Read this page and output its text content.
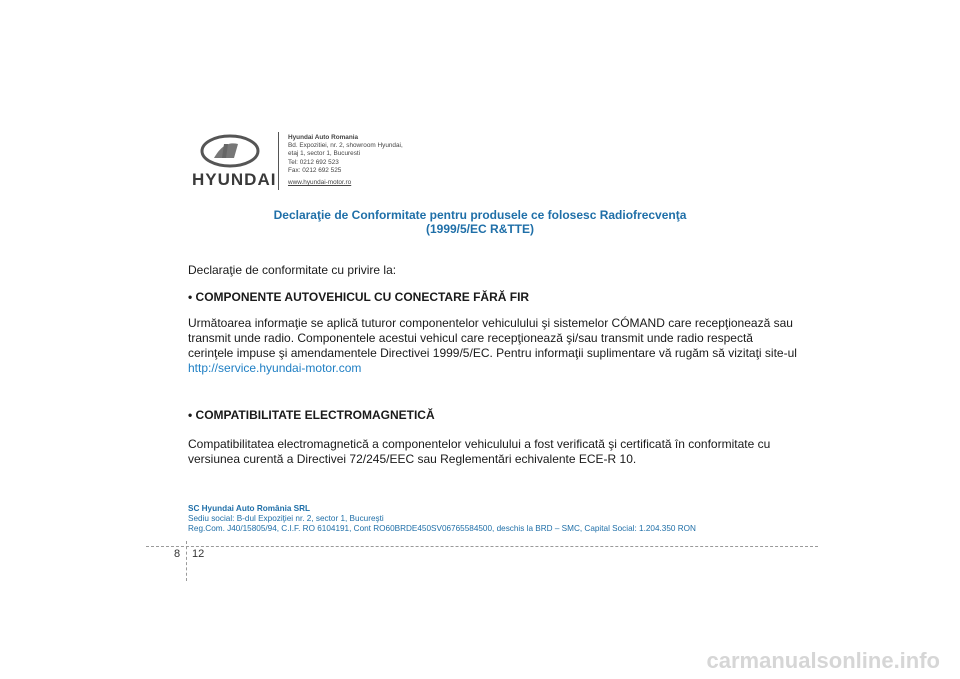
HYUNDAI
Hyundai Auto Romania
Bd. Expozitiei, nr. 2, showroom Hyundai,
etaj 1, sector 1, Bucuresti
Tel: 0212 692 523
Fax: 0212 692 525
www.hyundai-motor.ro
Declaraţie de Conformitate pentru produsele ce folosesc Radiofrecvenţa
(1999/5/EC R&TTE)
Declaraţie de conformitate cu privire la:
• COMPONENTE AUTOVEHICUL CU CONECTARE FĂRĂ FIR
Următoarea informaţie se aplică tuturor componentelor vehiculului şi sistemelor CÓMAND care recepţionează sau
transmit unde radio. Componentele acestui vehicul care recepţionează şi/sau transmit unde radio respectă
cerinţele impuse şi amendamentele Directivei 1999/5/EC. Pentru informaţii suplimentare vă rugăm să vizitaţi site-ul
http://service.hyundai-motor.com
• COMPATIBILITATE ELECTROMAGNETICĂ
Compatibilitatea electromagnetică a componentelor vehiculului a fost verificată şi certificată în conformitate cu
versiunea curentă a Directivei 72/245/EEC sau Reglementări echivalente ECE-R 10.
SC Hyundai Auto România SRL
Sediu social: B-dul Expoziţiei nr. 2, sector 1, Bucureşti
Reg.Com. J40/15805/94, C.I.F. RO 6104191, Cont RO60BRDE450SV06765584500, deschis la BRD – SMC, Capital Social: 1.204.350 RON
8 12
carmanualsonline.info
